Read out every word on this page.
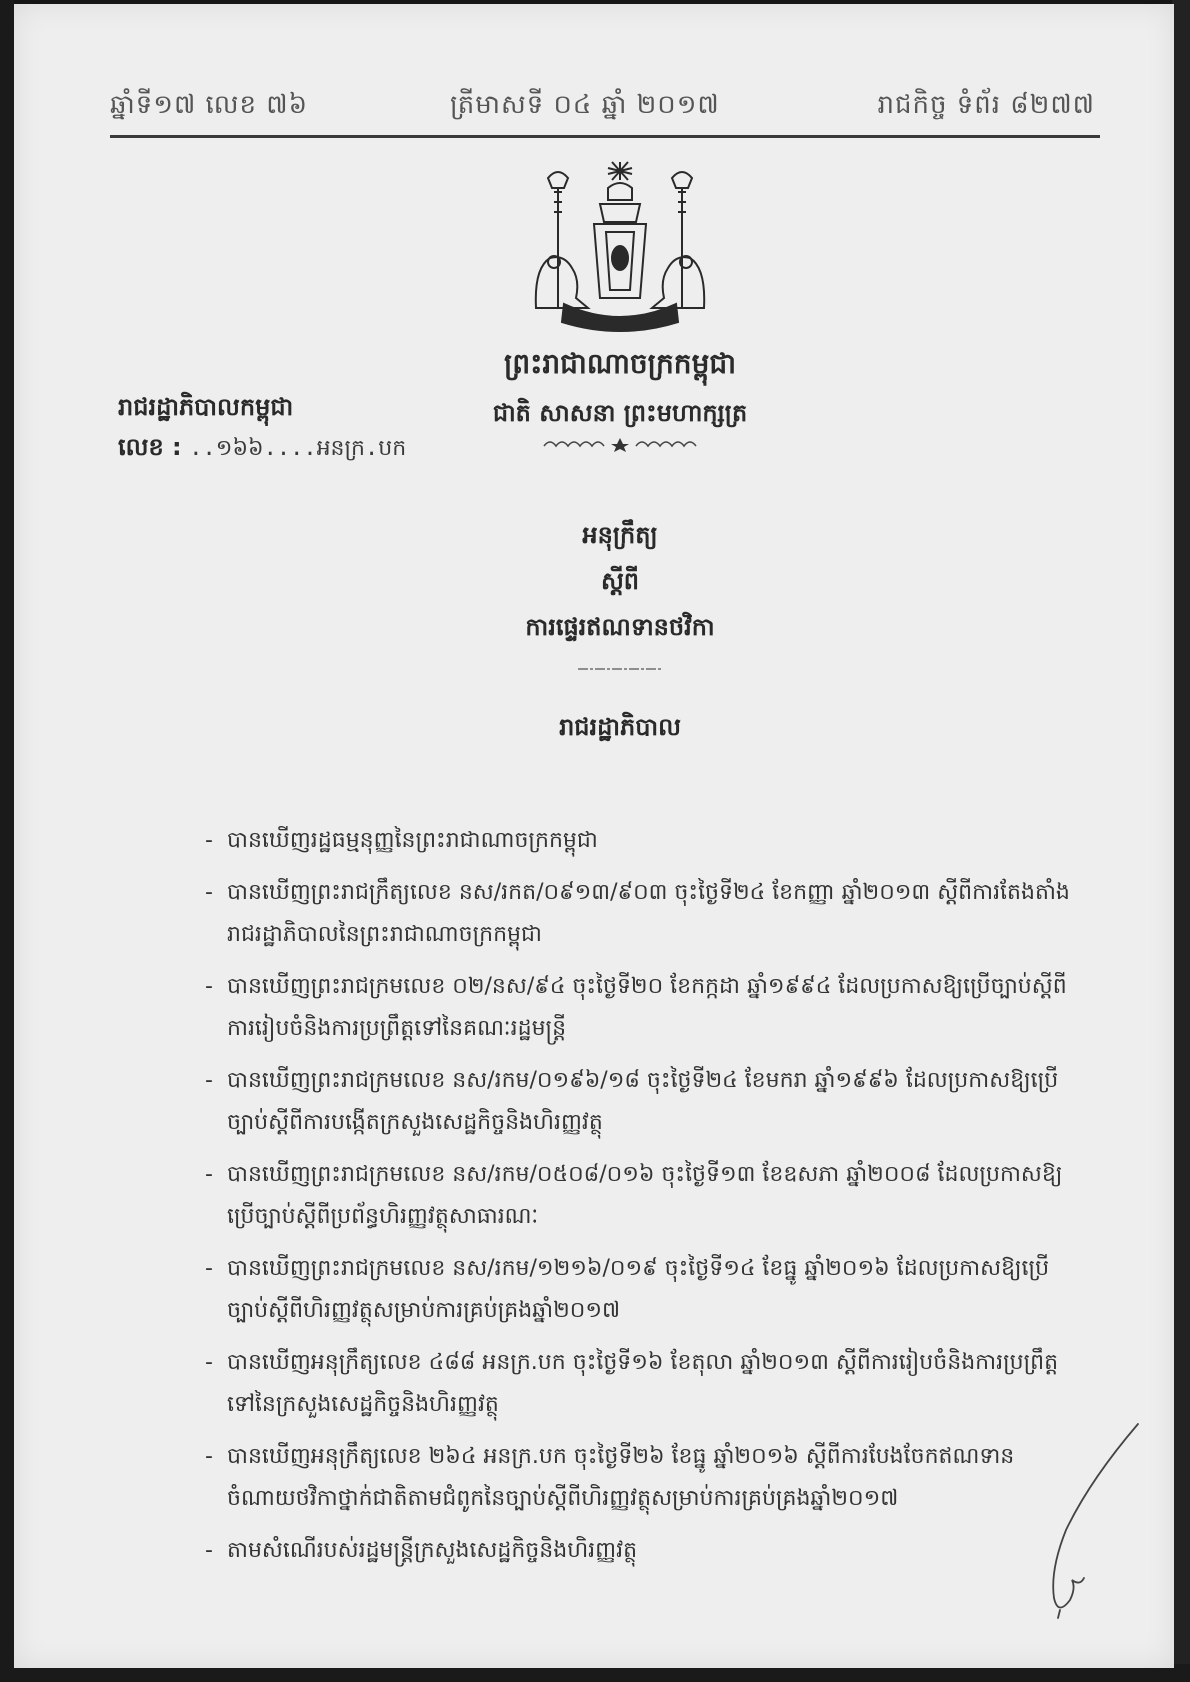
ឆ្នាំទី១៧ លេខ ៧៦	ត្រីមាសទី ០៤ ឆ្នាំ ២០១៧	រាជកិច្ច ទំព័រ ៨២៧៧
ព្រះរាជាណាចក្រកម្ពុជា
ជាតិ សាសនា ព្រះមហាក្សត្រ
រាជរដ្ឋាភិបាលកម្ពុជា
លេខ : ..១៦៦....អនក្រ.បក
អនុក្រឹត្យ
ស្តីពី
ការផ្ទេរឥណទានថវិកា
រាជរដ្ឋាភិបាល
- បានឃើញរដ្ឋធម្មនុញ្ញនៃព្រះរាជាណាចក្រកម្ពុជា
- បានឃើញព្រះរាជក្រឹត្យលេខ នស/រកត/០៩១៣/៩០៣ ចុះថ្ងៃទី២៤ ខែកញ្ញា ឆ្នាំ២០១៣ ស្តីពីការតែងតាំងរាជរដ្ឋាភិបាលនៃព្រះរាជាណាចក្រកម្ពុជា
- បានឃើញព្រះរាជក្រមលេខ ០២/នស/៩៤ ចុះថ្ងៃទី២០ ខែកក្កដា ឆ្នាំ១៩៩៤ ដែលប្រកាសឱ្យប្រើច្បាប់ស្តីពីការរៀបចំនិងការប្រព្រឹត្តទៅនៃគណៈរដ្ឋមន្ត្រី
- បានឃើញព្រះរាជក្រមលេខ នស/រកម/០១៩៦/១៨ ចុះថ្ងៃទី២៤ ខែមករា ឆ្នាំ១៩៩៦ ដែលប្រកាសឱ្យប្រើច្បាប់ស្តីពីការបង្កើតក្រសួងសេដ្ឋកិច្ចនិងហិរញ្ញវត្ថុ
- បានឃើញព្រះរាជក្រមលេខ នស/រកម/០៥០៨/០១៦ ចុះថ្ងៃទី១៣ ខែឧសភា ឆ្នាំ២០០៨ ដែលប្រកាសឱ្យប្រើច្បាប់ស្តីពីប្រព័ន្ធហិរញ្ញវត្ថុសាធារណៈ
- បានឃើញព្រះរាជក្រមលេខ នស/រកម/១២១៦/០១៩ ចុះថ្ងៃទី១៤ ខែធ្នូ ឆ្នាំ២០១៦ ដែលប្រកាសឱ្យប្រើច្បាប់ស្តីពីហិរញ្ញវត្ថុសម្រាប់ការគ្រប់គ្រងឆ្នាំ២០១៧
- បានឃើញអនុក្រឹត្យលេខ ៤៨៨ អនក្រ.បក ចុះថ្ងៃទី១៦ ខែតុលា ឆ្នាំ២០១៣ ស្តីពីការរៀបចំនិងការប្រព្រឹត្តទៅនៃក្រសួងសេដ្ឋកិច្ចនិងហិរញ្ញវត្ថុ
- បានឃើញអនុក្រឹត្យលេខ ២៦៤ អនក្រ.បក ចុះថ្ងៃទី២៦ ខែធ្នូ ឆ្នាំ២០១៦ ស្តីពីការបែងចែកឥណទានចំណាយថវិកាថ្នាក់ជាតិតាមជំពូកនៃច្បាប់ស្តីពីហិរញ្ញវត្ថុសម្រាប់ការគ្រប់គ្រងឆ្នាំ២០១៧
- តាមសំណើរបស់រដ្ឋមន្ត្រីក្រសួងសេដ្ឋកិច្ចនិងហិរញ្ញវត្ថុ
